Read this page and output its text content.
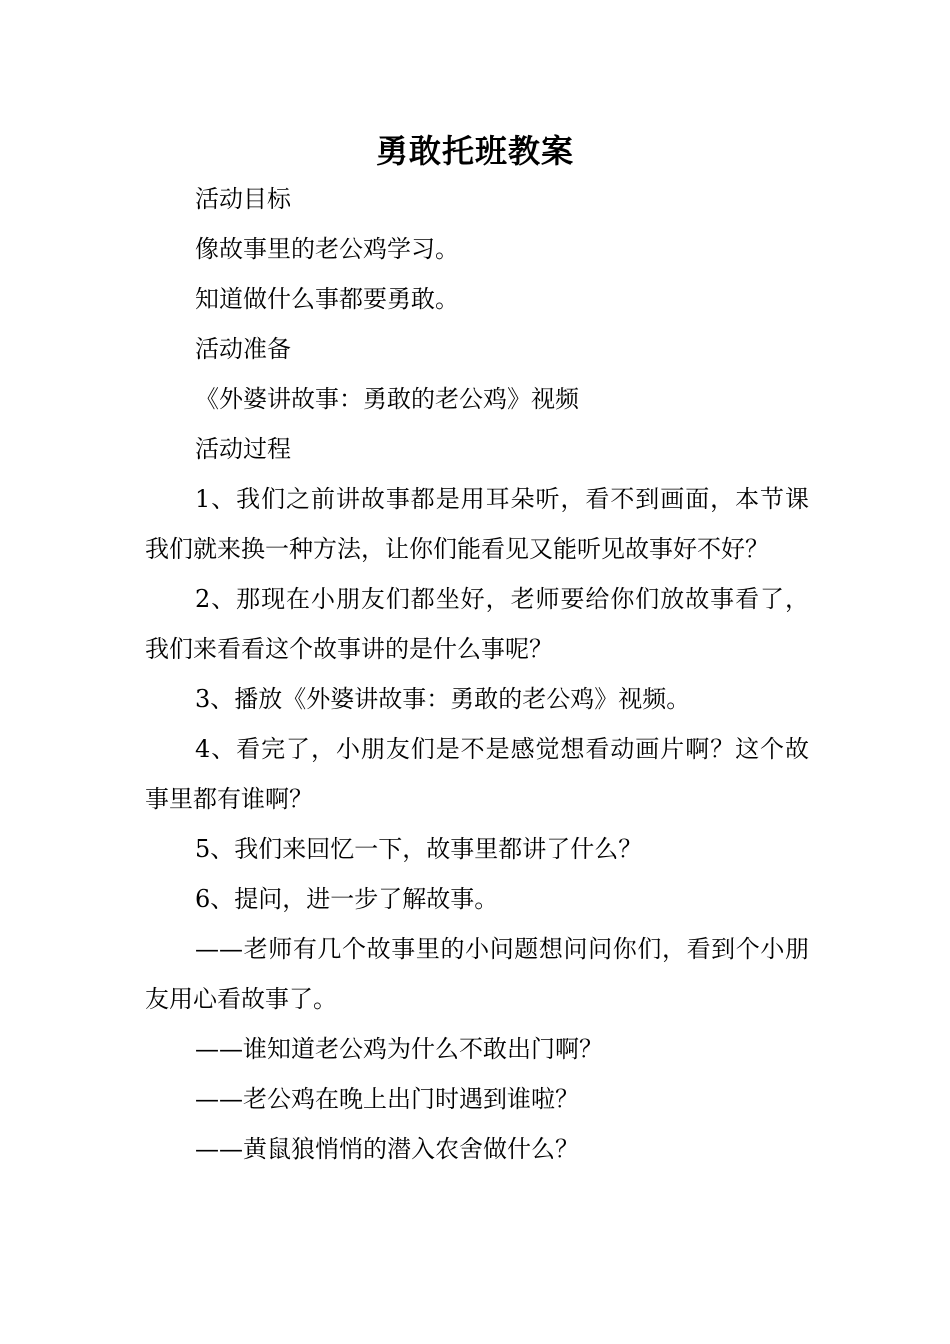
勇敢托班教案

活动目标

像故事里的老公鸡学习。

知道做什么事都要勇敢。

活动准备

《外婆讲故事：勇敢的老公鸡》视频

活动过程

1、我们之前讲故事都是用耳朵听，看不到画面，本节课我们就来换一种方法，让你们能看见又能听见故事好不好？

2、那现在小朋友们都坐好，老师要给你们放故事看了，我们来看看这个故事讲的是什么事呢？

3、播放《外婆讲故事：勇敢的老公鸡》视频。

4、看完了，小朋友们是不是感觉想看动画片啊？这个故事里都有谁啊？

5、我们来回忆一下，故事里都讲了什么？

6、提问，进一步了解故事。

——老师有几个故事里的小问题想问问你们，看到个小朋友用心看故事了。

——谁知道老公鸡为什么不敢出门啊？

——老公鸡在晚上出门时遇到谁啦？

——黄鼠狼悄悄的潜入农舍做什么？
